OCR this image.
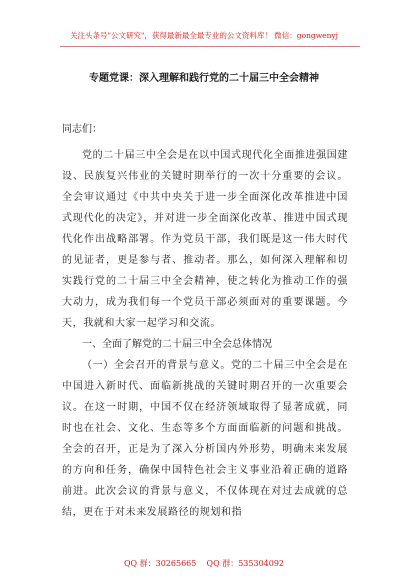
关注头条号"公文研究"，获得最新最全最专业的公文资料库！ 微信：gongwenyj
专题党课：深入理解和践行党的二十届三中全会精神

同志们：

党的二十届三中全会是在以中国式现代化全面推进强国建设、民族复兴伟业的关键时期举行的一次十分重要的会议。全会审议通过《中共中央关于进一步全面深化改革推进中国式现代化的决定》，并对进一步全面深化改革、推进中国式现代化作出战略部署。作为党员干部，我们既是这一伟大时代的见证者，更是参与者、推动者。那么，如何深入理解和切实践行党的二十届三中全会精神，使之转化为推动工作的强大动力，成为我们每一个党员干部必须面对的重要课题。今天，我就和大家一起学习和交流。

一、全面了解党的二十届三中全会总体情况

（一）全会召开的背景与意义。党的二十届三中全会是在中国进入新时代、面临新挑战的关键时期召开的一次重要会议。在这一时期，中国不仅在经济领域取得了显著成就，同时也在社会、文化、生态等多个方面面临新的问题和挑战。全会的召开，正是为了深入分析国内外形势，明确未来发展的方向和任务，确保中国特色社会主义事业沿着正确的道路前进。此次会议的背景与意义，不仅体现在对过去成就的总结，更在于对未来发展路径的规划和指

QQ 群：30265665 QQ 群：535304092
